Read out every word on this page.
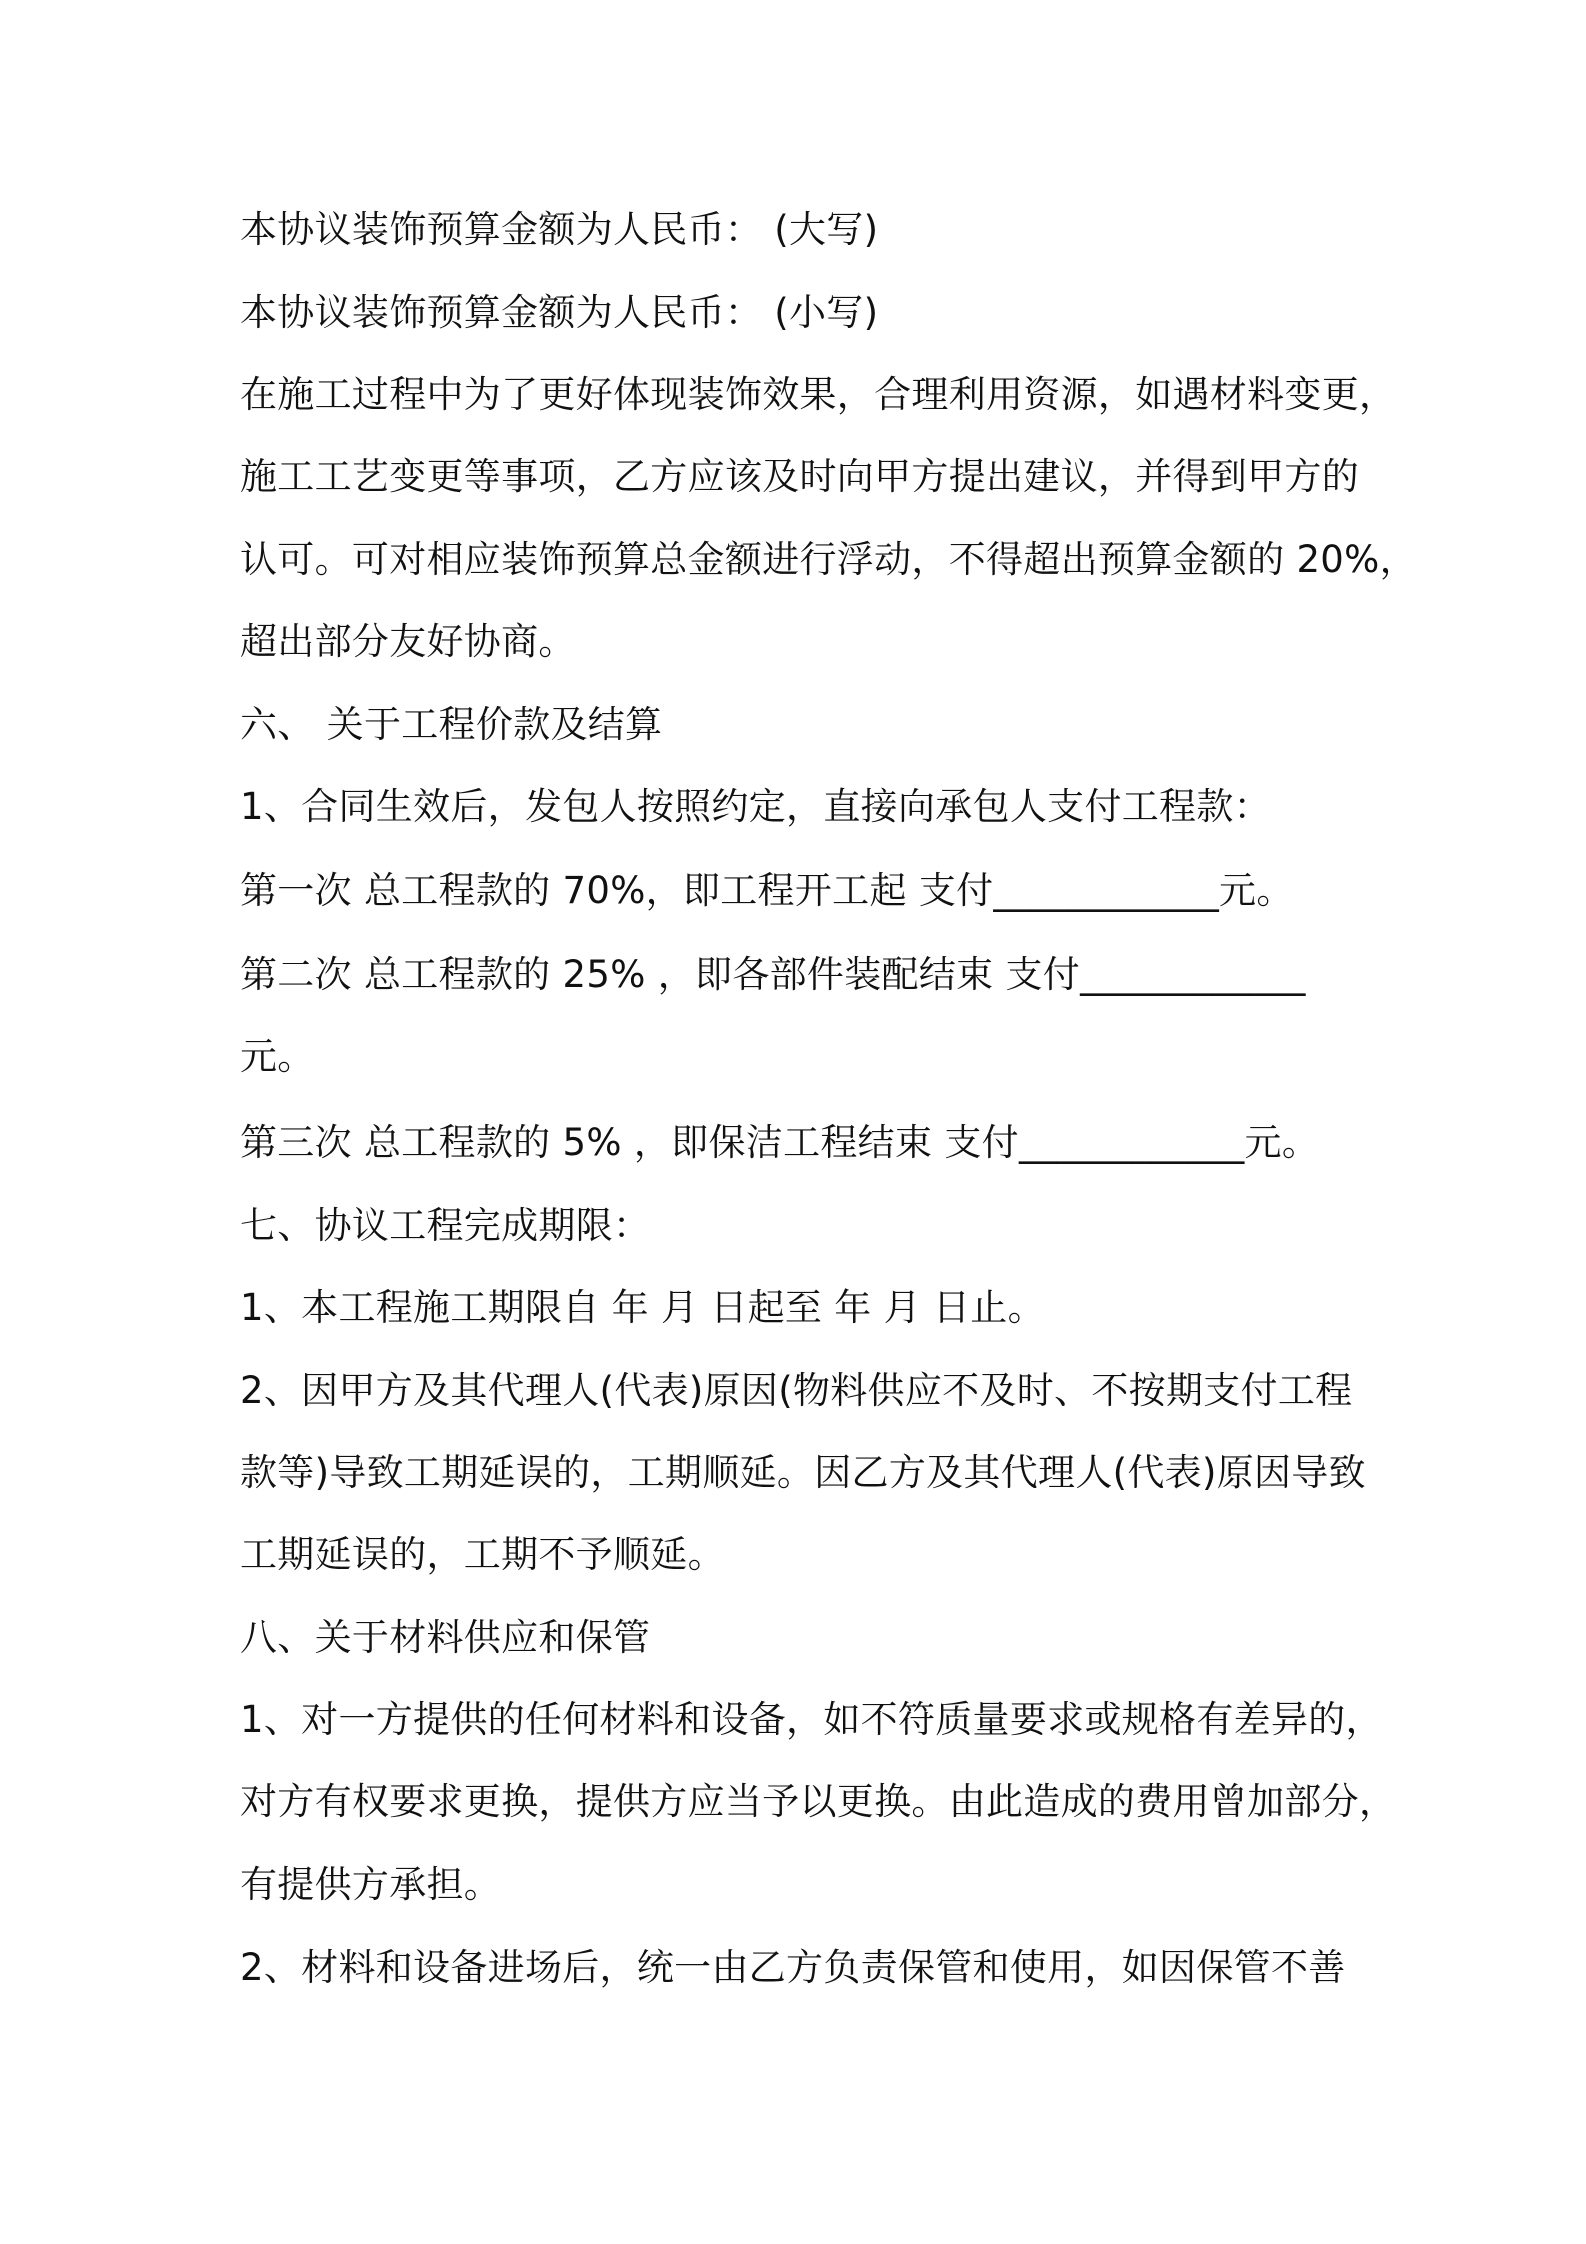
本协议装饰预算金额为人民币： (大写)
本协议装饰预算金额为人民币： (小写)
在施工过程中为了更好体现装饰效果，合理利用资源，如遇材料变更，
施工工艺变更等事项，乙方应该及时向甲方提出建议，并得到甲方的
认可。可对相应装饰预算总金额进行浮动，不得超出预算金额的 20%，
超出部分友好协商。
六、 关于工程价款及结算
1、合同生效后，发包人按照约定，直接向承包人支付工程款：
第一次 总工程款的 70%，即工程开工起 支付____________元。
第二次 总工程款的 25% ，即各部件装配结束 支付____________
元。
第三次 总工程款的 5% ，即保洁工程结束 支付____________元。
七、协议工程完成期限：
1、本工程施工期限自 年 月 日起至 年 月 日止。
2、因甲方及其代理人(代表)原因(物料供应不及时、不按期支付工程
款等)导致工期延误的，工期顺延。因乙方及其代理人(代表)原因导致
工期延误的，工期不予顺延。
八、关于材料供应和保管
1、对一方提供的任何材料和设备，如不符质量要求或规格有差异的，
对方有权要求更换，提供方应当予以更换。由此造成的费用曾加部分，
有提供方承担。
2、材料和设备进场后，统一由乙方负责保管和使用，如因保管不善
